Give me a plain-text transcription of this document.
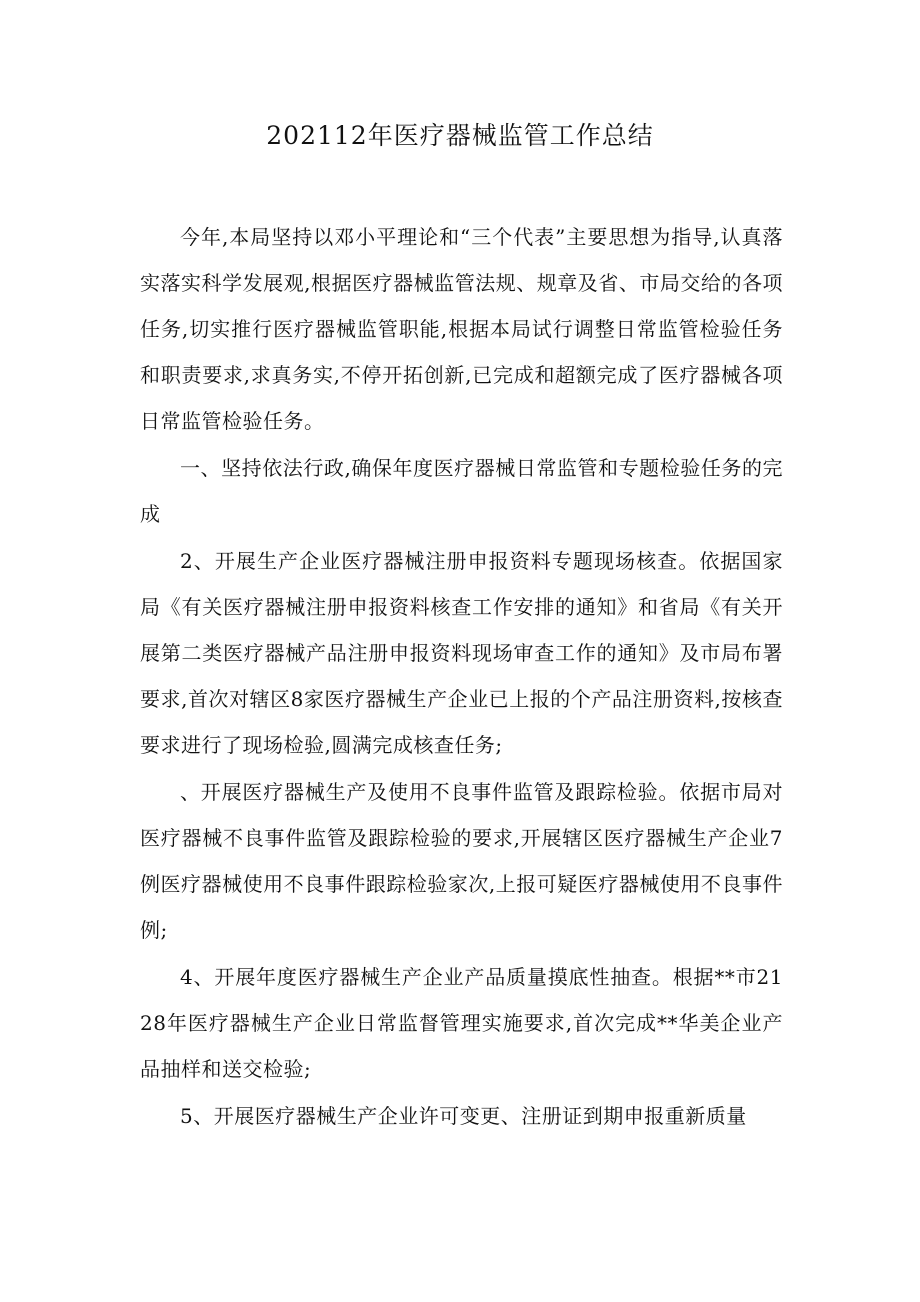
202112年医疗器械监管工作总结

今年,本局坚持以邓小平理论和“三个代表”主要思想为指导,认真落实落实科学发展观,根据医疗器械监管法规、规章及省、市局交给的各项任务,切实推行医疗器械监管职能,根据本局试行调整日常监管检验任务和职责要求,求真务实,不停开拓创新,已完成和超额完成了医疗器械各项日常监管检验任务。

一、坚持依法行政,确保年度医疗器械日常监管和专题检验任务的完成

2、开展生产企业医疗器械注册申报资料专题现场核查。依据国家局《有关医疗器械注册申报资料核查工作安排的通知》和省局《有关开展第二类医疗器械产品注册申报资料现场审查工作的通知》及市局布署要求,首次对辖区8家医疗器械生产企业已上报的个产品注册资料,按核查要求进行了现场检验,圆满完成核查任务;

、开展医疗器械生产及使用不良事件监管及跟踪检验。依据市局对医疗器械不良事件监管及跟踪检验的要求,开展辖区医疗器械生产企业7例医疗器械使用不良事件跟踪检验家次,上报可疑医疗器械使用不良事件例;

4、开展年度医疗器械生产企业产品质量摸底性抽查。根据**市2128年医疗器械生产企业日常监督管理实施要求,首次完成**华美企业产品抽样和送交检验;

5、开展医疗器械生产企业许可变更、注册证到期申报重新质量
